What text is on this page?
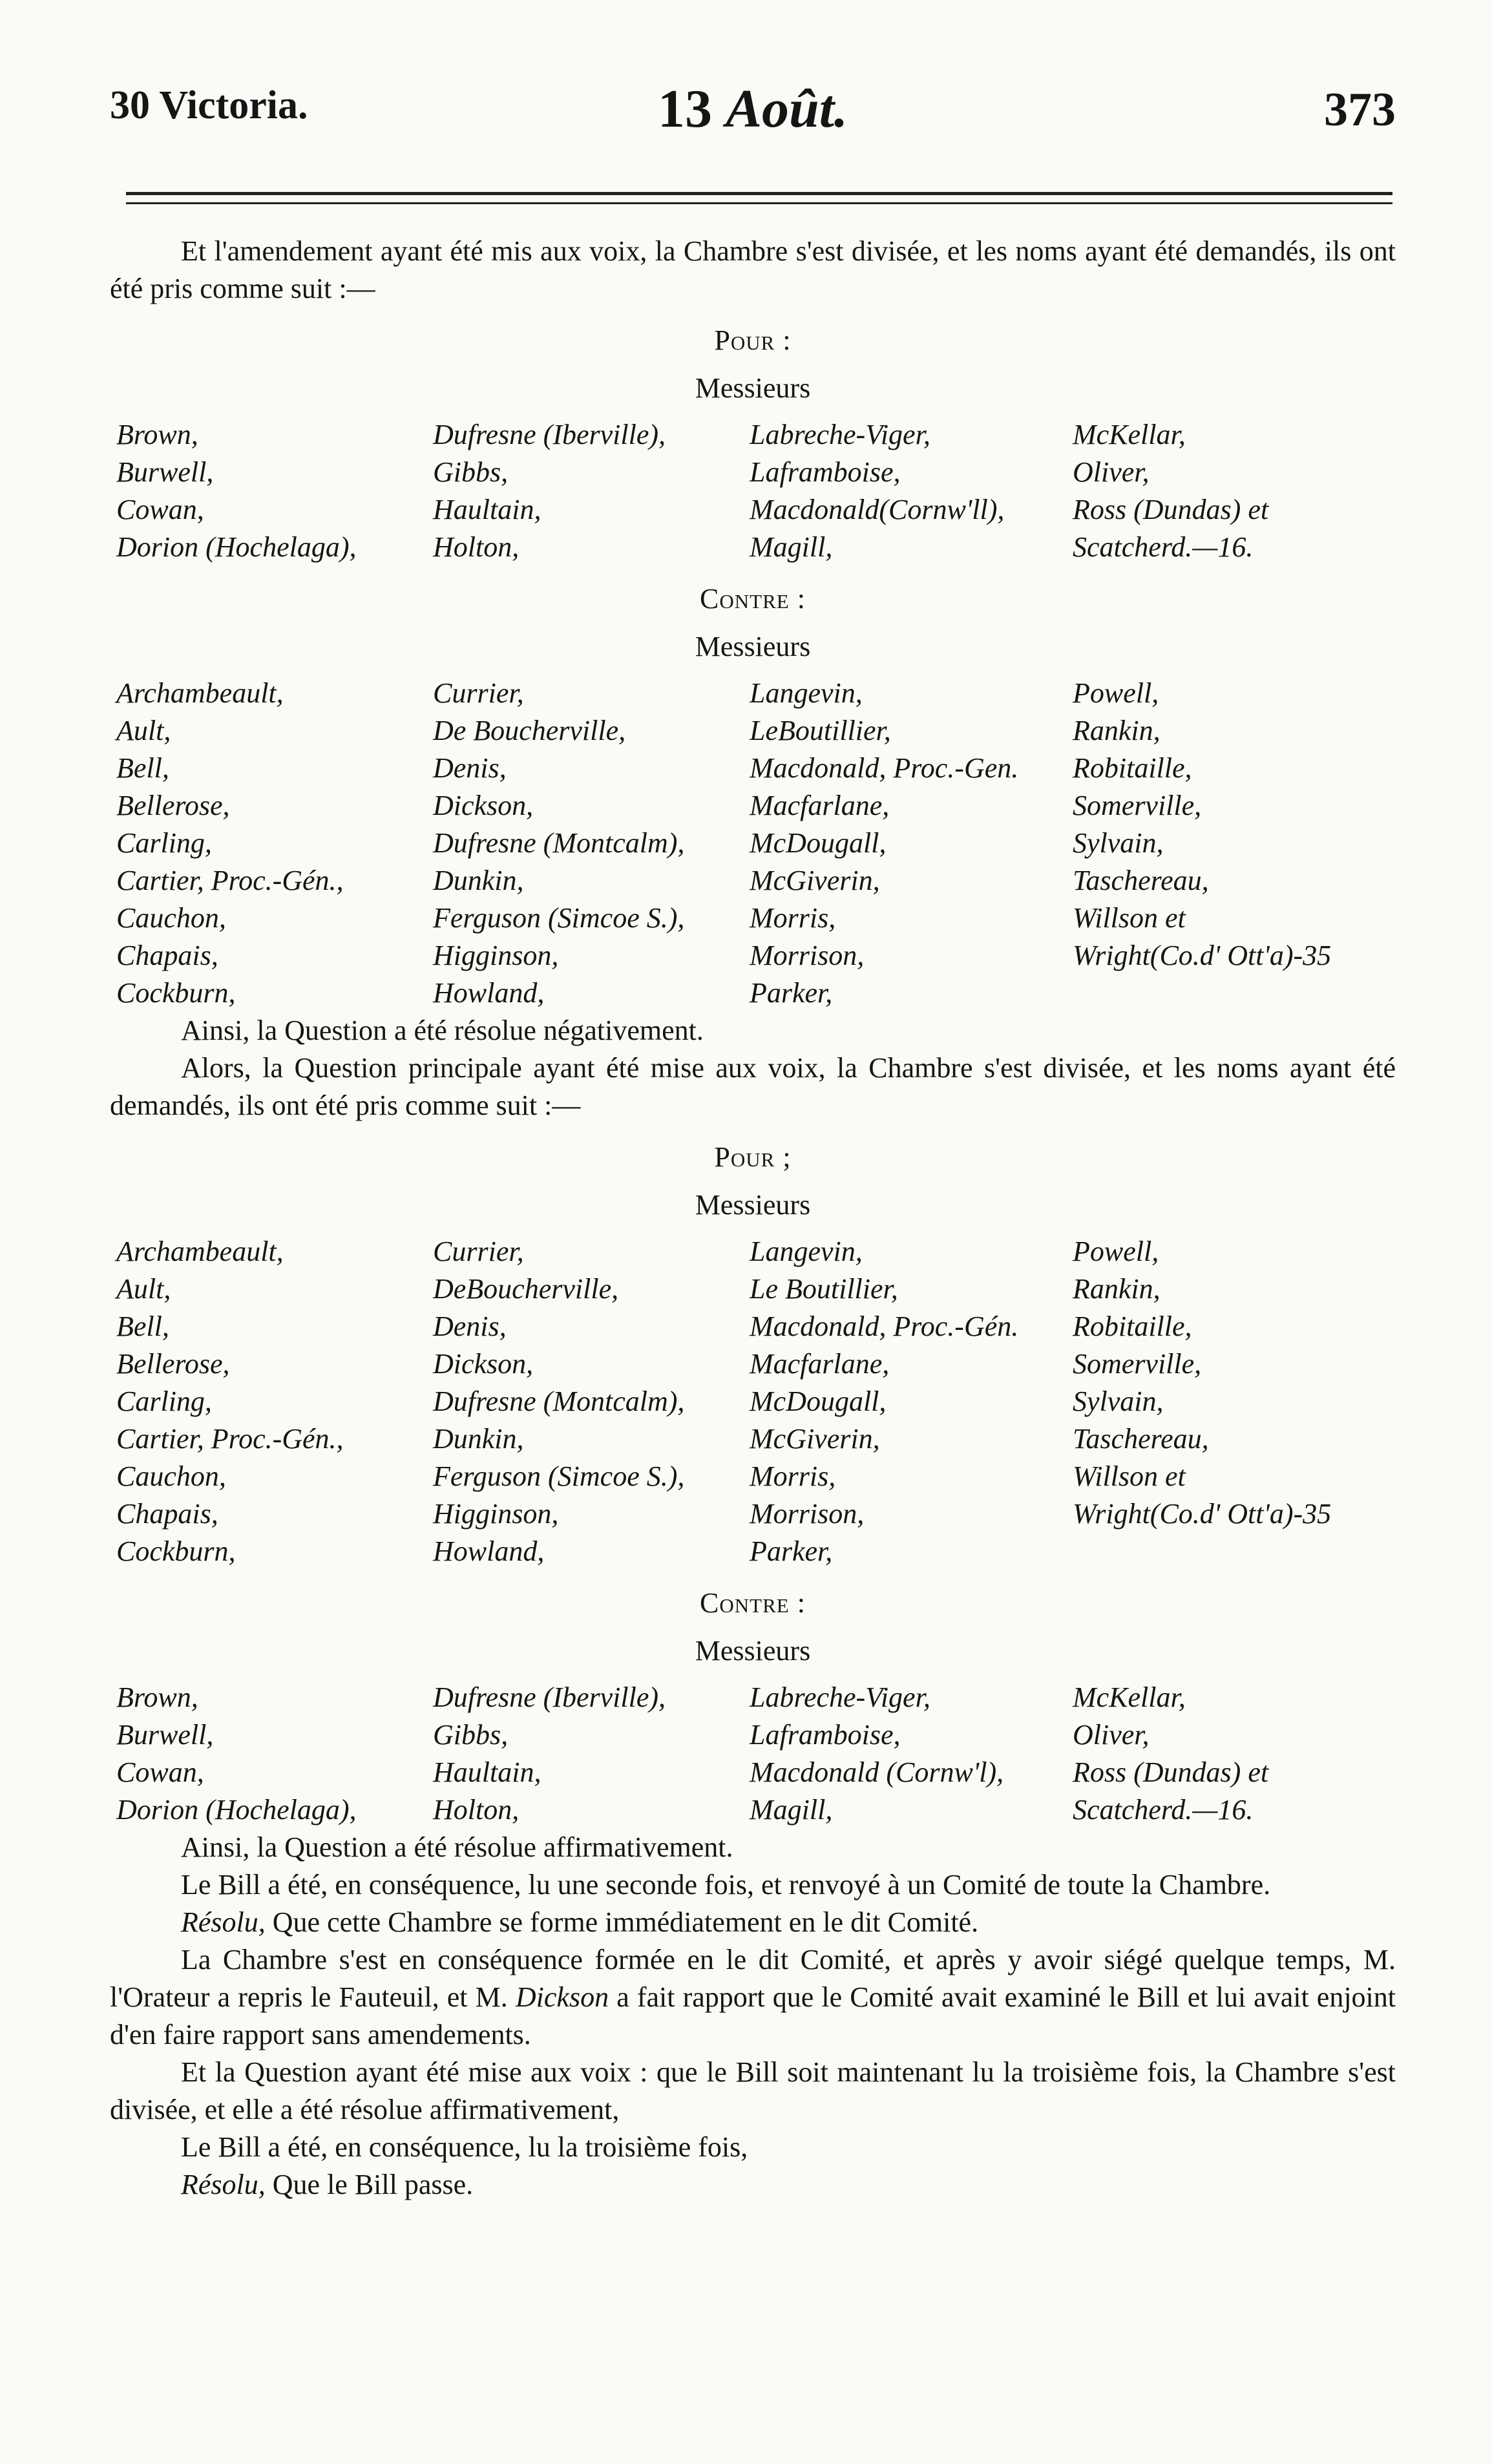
30 Victoria.	13 Août.	373

Et l'amendement ayant été mis aux voix, la Chambre s'est divisée, et les noms ayant été demandés, ils ont été pris comme suit :—

Pour :
Messieurs
Brown,	Dufresne (Iberville),	Labreche-Viger,	McKellar,
Burwell,	Gibbs,	Laframboise,	Oliver,
Cowan,	Haultain,	Macdonald(Cornw'll),	Ross (Dundas) et
Dorion (Hochelaga),	Holton,	Magill,	Scatcherd.—16.
Contre :
Messieurs
Archambeault,	Currier,	Langevin,	Powell,
Ault,	De Boucherville,	LeBoutillier,	Rankin,
Bell,	Denis,	Macdonald, Proc.-Gen.	Robitaille,
Bellerose,	Dickson,	Macfarlane,	Somerville,
Carling,	Dufresne (Montcalm),	McDougall,	Sylvain,
Cartier, Proc.-Gén.,	Dunkin,	McGiverin,	Taschereau,
Cauchon,	Ferguson (Simcoe S.),	Morris,	Willson et
Chapais,	Higginson,	Morrison,	Wright(Co.d' Ott'a)-35
Cockburn,	Howland,	Parker,

Ainsi, la Question a été résolue négativement.

Alors, la Question principale ayant été mise aux voix, la Chambre s'est divisée, et les noms ayant été demandés, ils ont été pris comme suit :—

Pour ;
Messieurs
Archambeault,	Currier,	Langevin,	Powell,
Ault,	DeBoucherville,	Le Boutillier,	Rankin,
Bell,	Denis,	Macdonald, Proc.-Gén.	Robitaille,
Bellerose,	Dickson,	Macfarlane,	Somerville,
Carling,	Dufresne (Montcalm),	McDougall,	Sylvain,
Cartier, Proc.-Gén.,	Dunkin,	McGiverin,	Taschereau,
Cauchon,	Ferguson (Simcoe S.),	Morris,	Willson et
Chapais,	Higginson,	Morrison,	Wright(Co.d' Ott'a)-35
Cockburn,	Howland,	Parker,
Contre :
Messieurs
Brown,	Dufresne (Iberville),	Labreche-Viger,	McKellar,
Burwell,	Gibbs,	Laframboise,	Oliver,
Cowan,	Haultain,	Macdonald (Cornw'l),	Ross (Dundas) et
Dorion (Hochelaga),	Holton,	Magill,	Scatcherd.—16.

Ainsi, la Question a été résolue affirmativement.

Le Bill a été, en conséquence, lu une seconde fois, et renvoyé à un Comité de toute la Chambre.

Résolu, Que cette Chambre se forme immédiatement en le dit Comité.

La Chambre s'est en conséquence formée en le dit Comité, et après y avoir siégé quelque temps, M. l'Orateur a repris le Fauteuil, et M. Dickson a fait rapport que le Comité avait examiné le Bill et lui avait enjoint d'en faire rapport sans amendements.

Et la Question ayant été mise aux voix : que le Bill soit maintenant lu la troisième fois, la Chambre s'est divisée, et elle a été résolue affirmativement,

Le Bill a été, en conséquence, lu la troisième fois,

Résolu, Que le Bill passe.
